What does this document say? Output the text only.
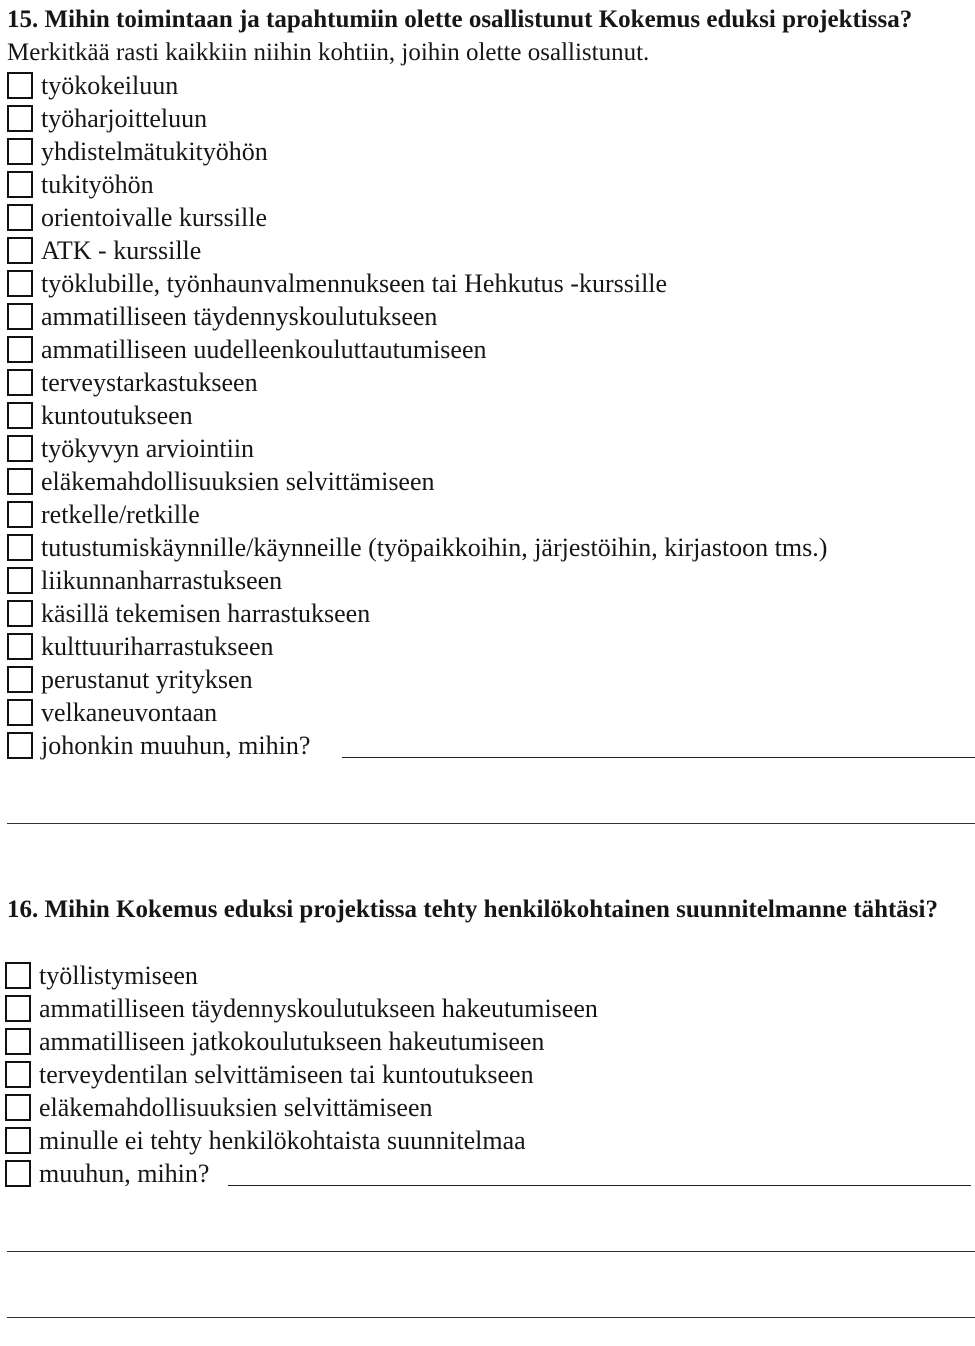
15. Mihin toimintaan ja tapahtumiin olette osallistunut Kokemus eduksi projektissa? Merkitkää rasti kaikkiin niihin kohtiin, joihin olette osallistunut.

työkokeiluun
työharjoitteluun
yhdistelmätukityöhön
tukityöhön
orientoivalle kurssille
ATK - kurssille
työklubille, työnhaunvalmennukseen tai Hehkutus -kurssille
ammatilliseen täydennyskoulutukseen
ammatilliseen uudelleenkouluttautumiseen
terveystarkastukseen
kuntoutukseen
työkyvyn arviointiin
eläkemahdollisuuksien selvittämiseen
retkelle/retkille
tutustumiskäynnille/käynneille (työpaikkoihin, järjestöihin, kirjastoon tms.)
liikunnanharrastukseen
käsillä tekemisen harrastukseen
kulttuuriharrastukseen
perustanut yrityksen
velkaneuvontaan
johonkin muuhun, mihin?

16. Mihin Kokemus eduksi projektissa tehty henkilökohtainen suunnitelmanne tähtäsi?

työllistymiseen
ammatilliseen täydennyskoulutukseen hakeutumiseen
ammatilliseen jatkokoulutukseen hakeutumiseen
terveydentilan selvittämiseen tai kuntoutukseen
eläkemahdollisuuksien selvittämiseen
minulle ei tehty henkilökohtaista suunnitelmaa
muuhun, mihin?
